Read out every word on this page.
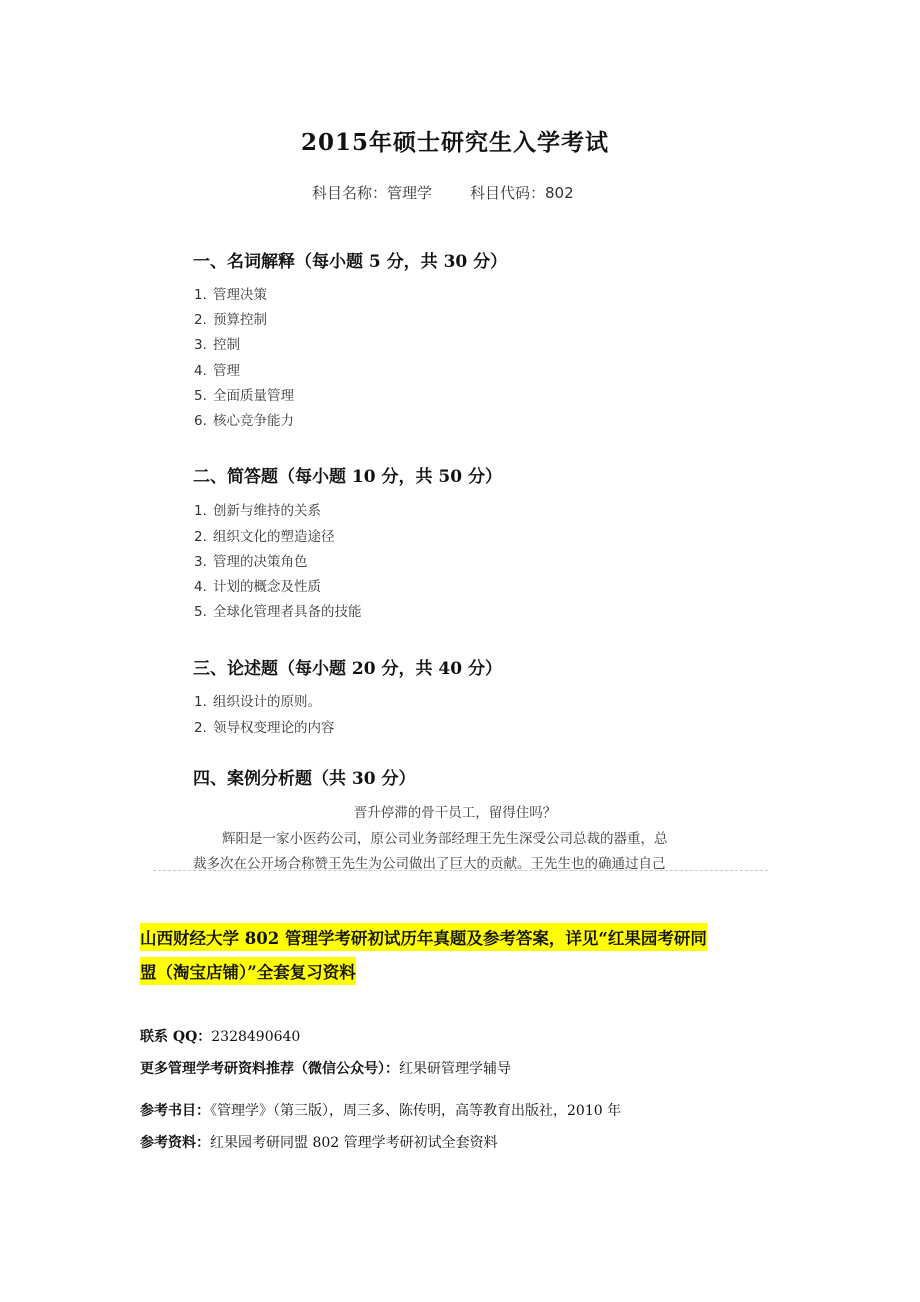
2015年硕士研究生入学考试
科目名称：管理学	科目代码：802
一、名词解释（每小题 5 分，共 30 分）
1. 管理决策
2. 预算控制
3. 控制
4. 管理
5. 全面质量管理
6. 核心竞争能力
二、简答题（每小题 10 分，共 50 分）
1. 创新与维持的关系
2. 组织文化的塑造途径
3. 管理的决策角色
4. 计划的概念及性质
5. 全球化管理者具备的技能
三、论述题（每小题 20 分，共 40 分）
1. 组织设计的原则。
2. 领导权变理论的内容
四、案例分析题（共 30 分）
晋升停滞的骨干员工，留得住吗？
辉阳是一家小医药公司，原公司业务部经理王先生深受公司总裁的器重，总
裁多次在公开场合称赞王先生为公司做出了巨大的贡献。王先生也的确通过自己
山西财经大学 802 管理学考研初试历年真题及参考答案，详见“红果园考研同
盟（淘宝店铺）”全套复习资料
联系 QQ：2328490640
更多管理学考研资料推荐（微信公众号）：红果研管理学辅导
参考书目：《管理学》（第三版），周三多、陈传明，高等教育出版社，2010 年
参考资料：红果园考研同盟 802 管理学考研初试全套资料
